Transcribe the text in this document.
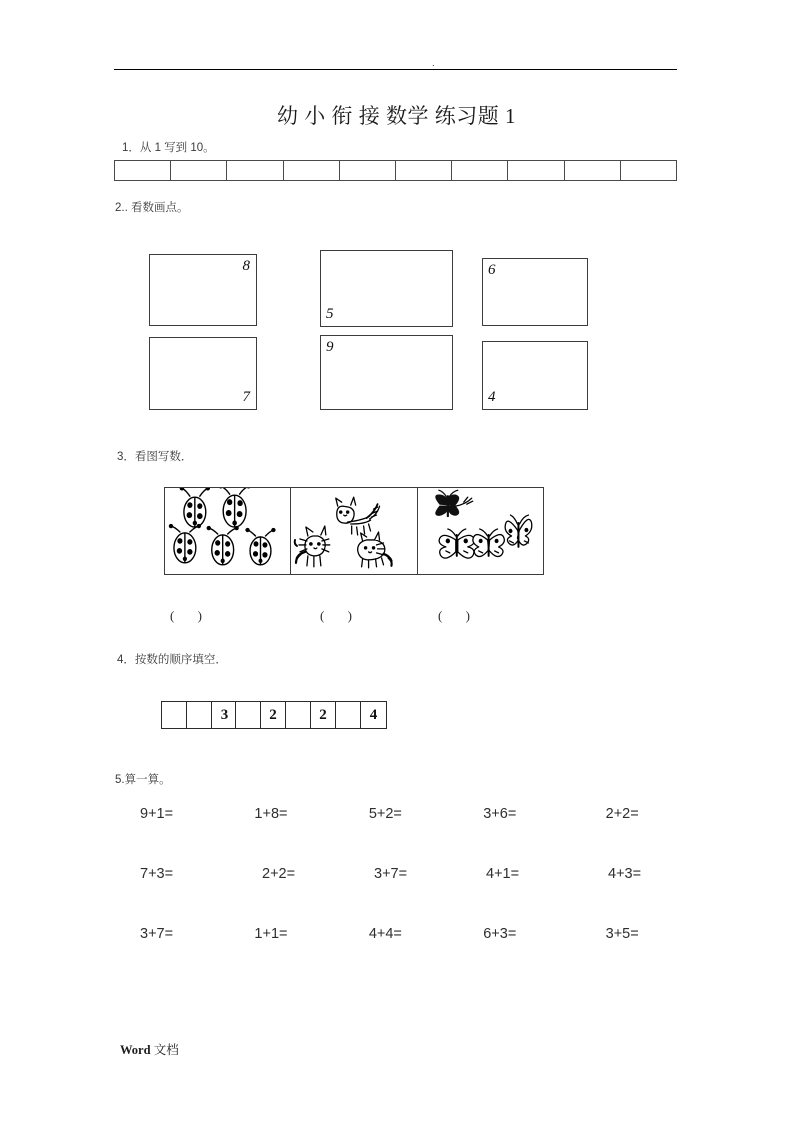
.
幼 小 衔 接 数学 练习题 1
1．从 1 写到 10。
2.. 看数画点。
8
7
5
9
6
4
3．看图写数．
( )	( )	( )
4．按数的顺序填空．
3	2	2	4
5.算一算。
9+1=	1+8=	5+2=	3+6=	2+2=
7+3=	2+2=	3+7=	4+1=	4+3=
3+7=	1+1=	4+4=	6+3=	3+5=
Word 文档
